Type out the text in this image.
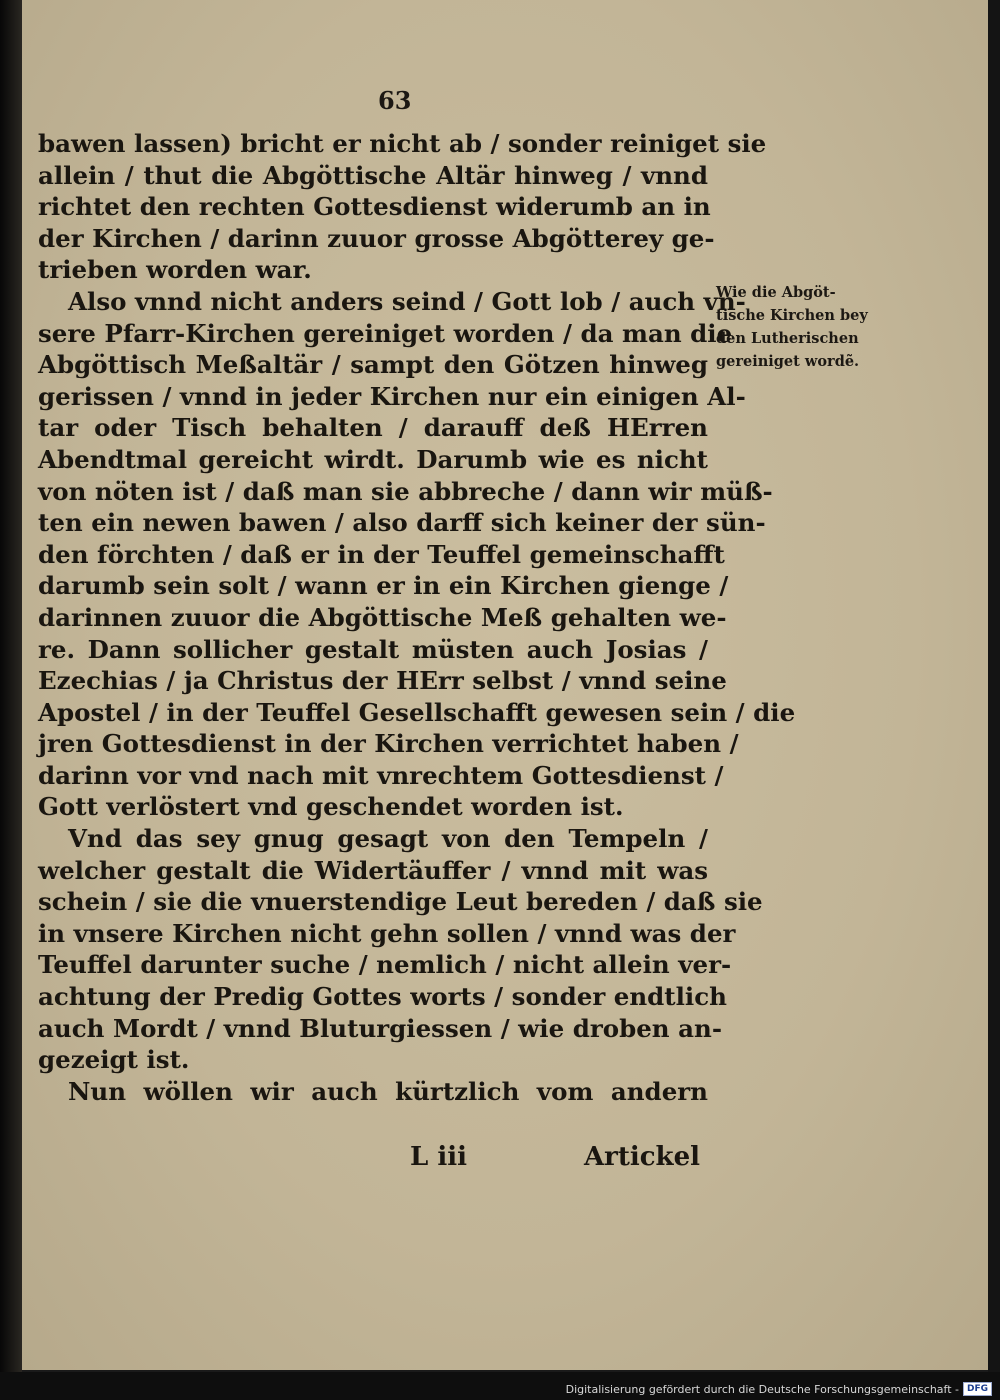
63
bawen lassen) bricht er nicht ab / sonder reiniget sie
allein / thut die Abgöttische Altär hinweg / vnnd
richtet den rechten Gottesdienst widerumb an in
der Kirchen / darinn zuuor grosse Abgötterey ge-
trieben worden war.
Also vnnd nicht anders seind / Gott lob / auch vn-
sere Pfarr-Kirchen gereiniget worden / da man die
Abgöttisch Meßaltär / sampt den Götzen hinweg
gerissen / vnnd in jeder Kirchen nur ein einigen Al-
tar oder Tisch behalten / darauff deß HErren
Abendtmal gereicht wirdt. Darumb wie es nicht
von nöten ist / daß man sie abbreche / dann wir müß-
ten ein newen bawen / also darff sich keiner der sün-
den förchten / daß er in der Teuffel gemeinschafft
darumb sein solt / wann er in ein Kirchen gienge /
darinnen zuuor die Abgöttische Meß gehalten we-
re. Dann sollicher gestalt müsten auch Josias /
Ezechias / ja Christus der HErr selbst / vnnd seine
Apostel / in der Teuffel Gesellschafft gewesen sein / die
jren Gottesdienst in der Kirchen verrichtet haben /
darinn vor vnd nach mit vnrechtem Gottesdienst /
Gott verlöstert vnd geschendet worden ist.
Vnd das sey gnug gesagt von den Tempeln /
welcher gestalt die Widertäuffer / vnnd mit was
schein / sie die vnuerstendige Leut bereden / daß sie
in vnsere Kirchen nicht gehn sollen / vnnd was der
Teuffel darunter suche / nemlich / nicht allein ver-
achtung der Predig Gottes worts / sonder endtlich
auch Mordt / vnnd Bluturgiessen / wie droben an-
gezeigt ist.
Nun wöllen wir auch kürtzlich vom andern
L iii	Artickel
Wie die Abgöt-
tische Kirchen bey
den Lutherischen
gereiniget wordẽ.
Digitalisierung gefördert durch die Deutsche Forschungsgemeinschaft - DFG
